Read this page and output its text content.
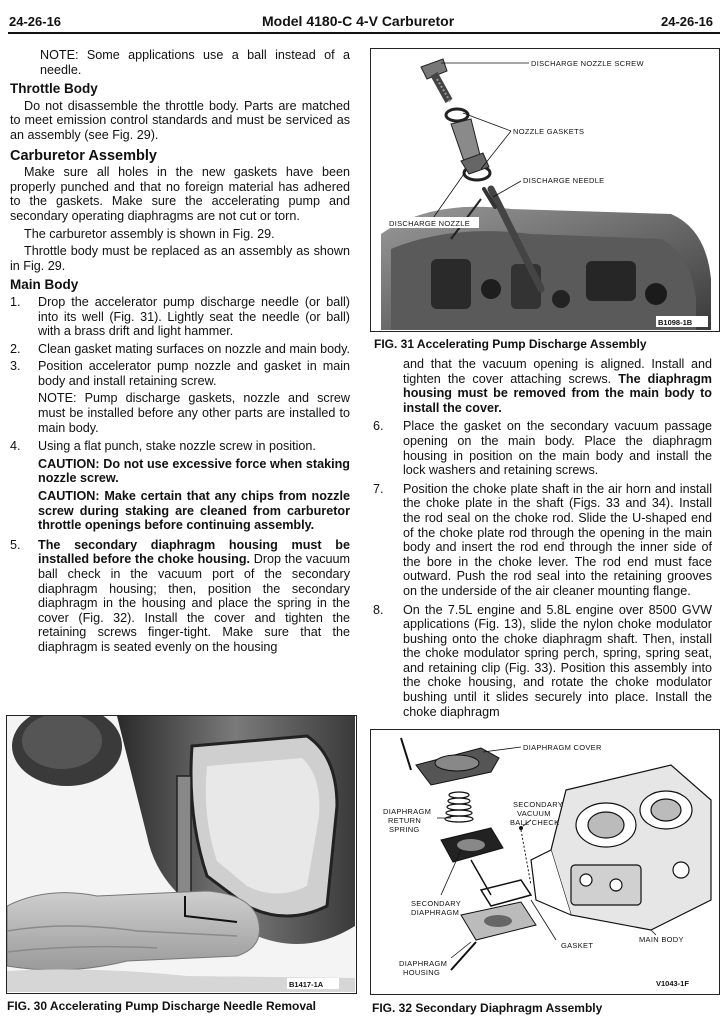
24-26-16	Model 4180-C 4-V Carburetor	24-26-16

NOTE: Some applications use a ball instead of a needle.

Throttle Body

Do not disassemble the throttle body. Parts are matched to meet emission control standards and must be serviced as an assembly (see Fig. 29).

Carburetor Assembly

Make sure all holes in the new gaskets have been properly punched and that no foreign material has adhered to the gaskets. Make sure the accelerating pump and secondary operating diaphragms are not cut or torn.

The carburetor assembly is shown in Fig. 29.

Throttle body must be replaced as an assembly as shown in Fig. 29.

Main Body

1.	Drop the accelerator pump discharge needle (or ball) into its well (Fig. 31). Lightly seat the needle (or ball) with a brass drift and light hammer.
2.	Clean gasket mating surfaces on nozzle and main body.
3.	Position accelerator pump nozzle and gasket in main body and install retaining screw.

NOTE: Pump discharge gaskets, nozzle and screw must be installed before any other parts are installed to main body.

4.	Using a flat punch, stake nozzle screw in position.

CAUTION: Do not use excessive force when staking nozzle screw.

CAUTION: Make certain that any chips from nozzle screw during staking are cleaned from carburetor throttle openings before continuing assembly.

5.	The secondary diaphragm housing must be installed before the choke housing. Drop the vacuum ball check in the vacuum port of the secondary diaphragm housing; then, position the secondary diaphragm in the housing and place the spring in the cover (Fig. 32). Install the cover and tighten the retaining screws finger-tight. Make sure that the diaphragm is seated evenly on the housing
DISCHARGE NOZZLE SCREW
NOZZLE GASKETS
DISCHARGE NEEDLE
DISCHARGE NOZZLE
B1098-1B
FIG. 31 Accelerating Pump Discharge Assembly

and that the vacuum opening is aligned. Install and tighten the cover attaching screws. The diaphragm housing must be removed from the main body to install the cover.

6.	Place the gasket on the secondary vacuum passage opening on the main body. Place the diaphragm housing in position on the main body and install the lock washers and retaining screws.
7.	Position the choke plate shaft in the air horn and install the choke plate in the shaft (Figs. 33 and 34). Install the rod seal on the choke rod. Slide the U-shaped end of the choke plate rod through the opening in the main body and insert the rod end through the inner side of the bore in the choke lever. The rod end must face outward. Push the rod seal into the retaining grooves on the underside of the air cleaner mounting flange.
8.	On the 7.5L engine and 5.8L engine over 8500 GVW applications (Fig. 13), slide the nylon choke modulator bushing onto the choke diaphragm shaft. Then, install the choke modulator spring perch, spring, spring seat, and retaining clip (Fig. 33). Position this assembly into the choke housing, and rotate the choke modulator bushing until it slides securely into place. Install the choke diaphragm
B1417-1A
FIG. 30 Accelerating Pump Discharge Needle Removal
DIAPHRAGM COVER
SECONDARY
VACUUM
BALL CHECK
DIAPHRAGM
RETURN
SPRING
SECONDARY
DIAPHRAGM
GASKET
MAIN BODY
DIAPHRAGM
HOUSING
V1043-1F
FIG. 32 Secondary Diaphragm Assembly
